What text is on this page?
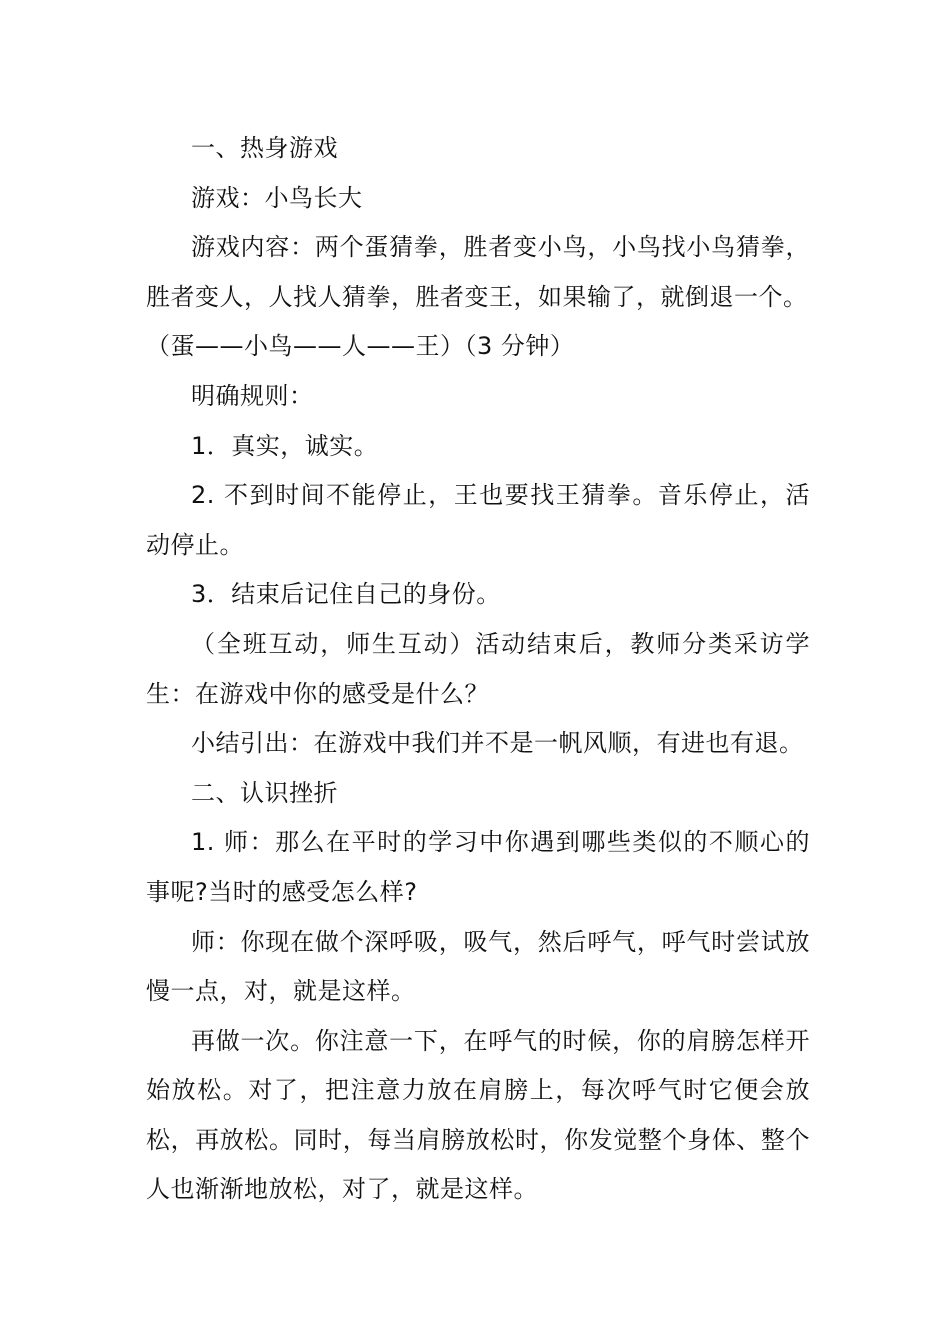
一、热身游戏

游戏：小鸟长大

游戏内容：两个蛋猜拳，胜者变小鸟，小鸟找小鸟猜拳，胜者变人，人找人猜拳，胜者变王，如果输了，就倒退一个。

（蛋——小鸟——人——王）（3 分钟）

明确规则：

1．真实，诚实。

2. 不到时间不能停止，王也要找王猜拳。音乐停止，活动停止。

3．结束后记住自己的身份。

（全班互动，师生互动）活动结束后，教师分类采访学生：在游戏中你的感受是什么？

小结引出：在游戏中我们并不是一帆风顺，有进也有退。

二、认识挫折

1. 师：那么在平时的学习中你遇到哪些类似的不顺心的事呢?当时的感受怎么样?

师：你现在做个深呼吸，吸气，然后呼气，呼气时尝试放慢一点，对，就是这样。

再做一次。你注意一下，在呼气的时候，你的肩膀怎样开始放松。对了，把注意力放在肩膀上，每次呼气时它便会放松，再放松。同时，每当肩膀放松时，你发觉整个身体、整个人也渐渐地放松，对了，就是这样。
